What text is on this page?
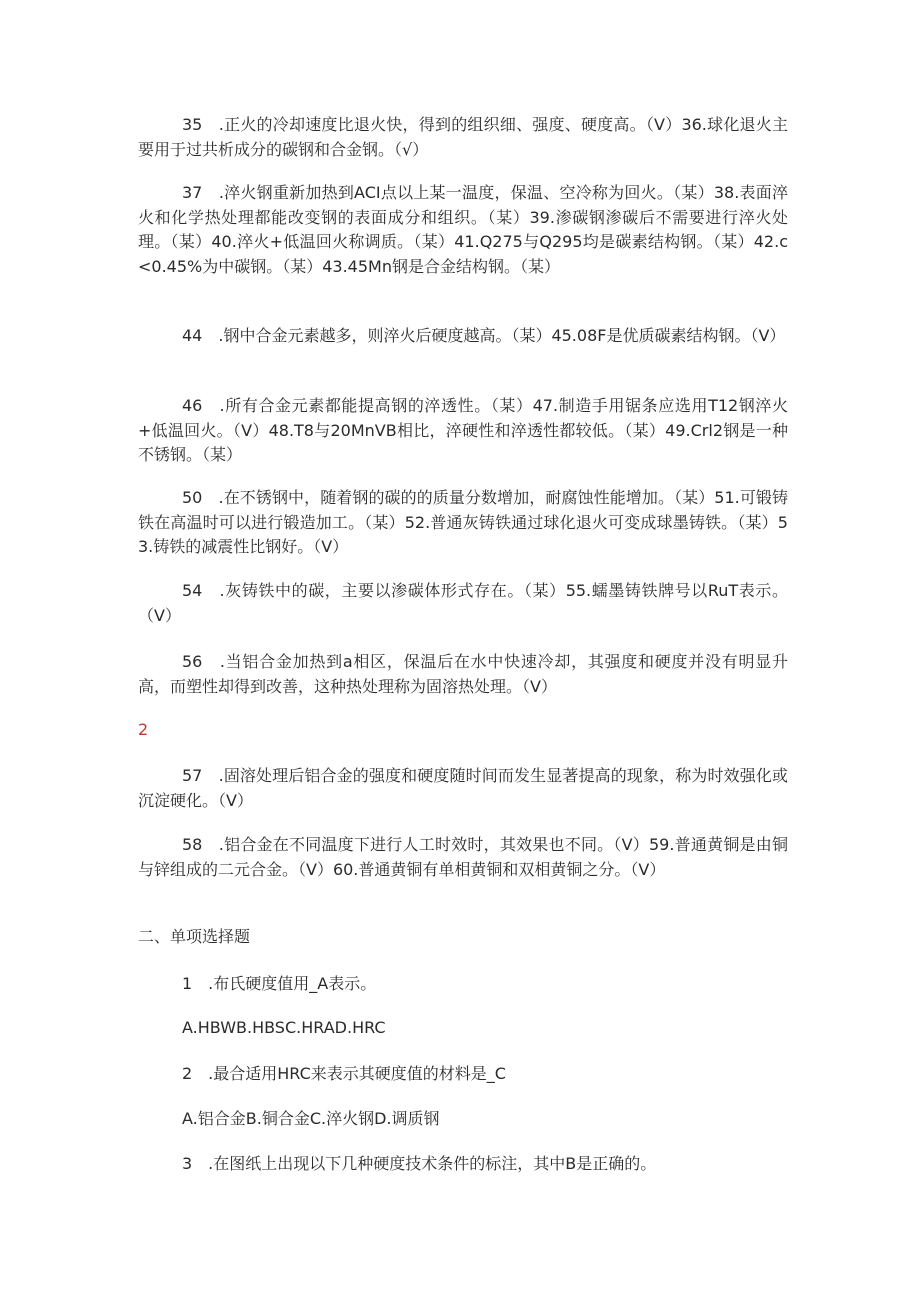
35　.正火的冷却速度比退火快，得到的组织细、强度、硬度高。（V）36.球化退火主要用于过共析成分的碳钢和合金钢。（√）

37　.淬火钢重新加热到ACI点以上某一温度，保温、空冷称为回火。（某）38.表面淬火和化学热处理都能改变钢的表面成分和组织。（某）39.渗碳钢渗碳后不需要进行淬火处理。（某）40.淬火+低温回火称调质。（某）41.Q275与Q295均是碳素结构钢。（某）42.c<0.45%为中碳钢。（某）43.45Mn钢是合金结构钢。（某）

44　.钢中合金元素越多，则淬火后硬度越高。（某）45.08F是优质碳素结构钢。（V）

46　.所有合金元素都能提高钢的淬透性。（某）47.制造手用锯条应选用T12钢淬火+低温回火。（V）48.T8与20MnVB相比，淬硬性和淬透性都较低。（某）49.Crl2钢是一种不锈钢。（某）

50　.在不锈钢中，随着钢的碳的的质量分数增加，耐腐蚀性能增加。（某）51.可锻铸铁在高温时可以进行锻造加工。（某）52.普通灰铸铁通过球化退火可变成球墨铸铁。（某）53.铸铁的减震性比钢好。（V）

54　.灰铸铁中的碳，主要以渗碳体形式存在。（某）55.蠕墨铸铁牌号以RuT表示。（V）

56　.当铝合金加热到a相区，保温后在水中快速冷却，其强度和硬度并没有明显升高，而塑性却得到改善，这种热处理称为固溶热处理。（V）

2

57　.固溶处理后铝合金的强度和硬度随时间而发生显著提高的现象，称为时效强化或沉淀硬化。（V）

58　.铝合金在不同温度下进行人工时效时，其效果也不同。（V）59.普通黄铜是由铜与锌组成的二元合金。（V）60.普通黄铜有单相黄铜和双相黄铜之分。（V）

二、单项选择题

1　.布氏硬度值用_A表示。

A.HBWB.HBSC.HRAD.HRC

2　.最合适用HRC来表示其硬度值的材料是_C

A.铝合金B.铜合金C.淬火钢D.调质钢

3　.在图纸上出现以下几种硬度技术条件的标注，其中B是正确的。
